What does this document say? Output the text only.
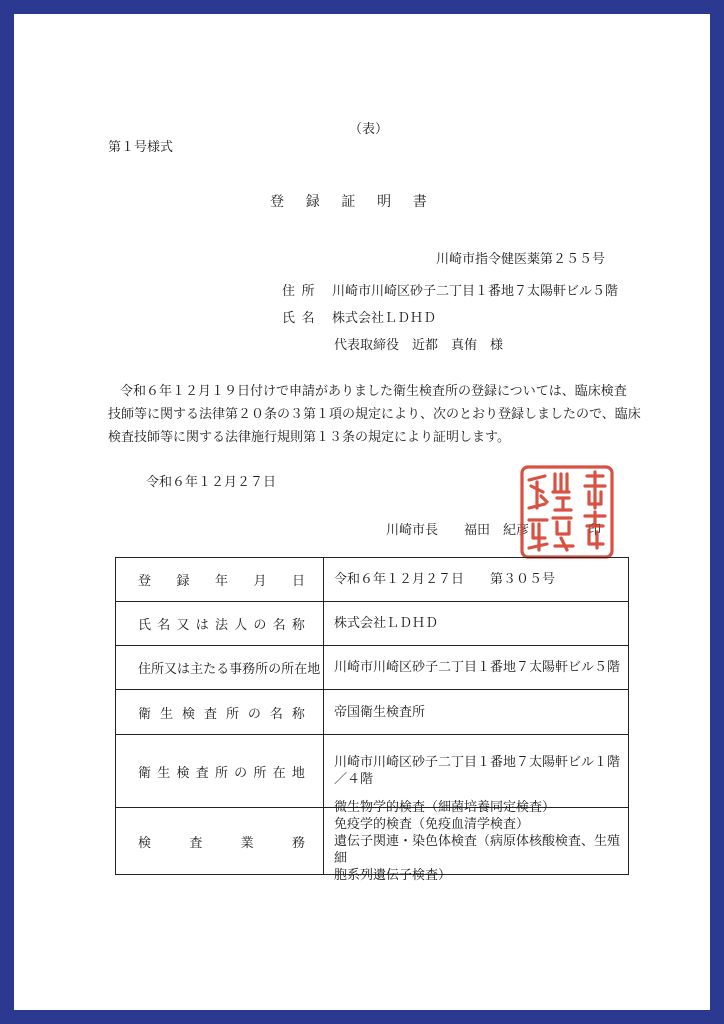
（表）
第１号様式
登録証明書
川崎市指令健医薬第２５５号
住所 川崎市川崎区砂子二丁目１番地７太陽軒ビル５階
氏名 株式会社ＬＤＨＤ
代表取締役　近都　真侑　様
令和６年１２月１９日付けで申請がありました衛生検査所の登録については、臨床検査
技師等に関する法律第２０条の３第１項の規定により、次のとおり登録しましたので、臨床
検査技師等に関する法律施行規則第１３条の規定により証明します。
令和６年１２月２７日
川崎市長　　福田　紀彦	印
登 録 年 月 日 令和６年１２月２７日　　第３０５号
氏 名 又 は 法 人 の 名 称 株式会社ＬＤＨＤ
住 所 又 は 主 た る 事 務 所 の 所 在 地 川崎市川崎区砂子二丁目１番地７太陽軒ビル５階
衛 生 検 査 所 の 名 称 帝国衛生検査所
衛 生 検 査 所 の 所 在 地
川崎市川崎区砂子二丁目１番地７太陽軒ビル１階
／４階
検	査	業	務
微生物学的検査（細菌培養同定検査）
免疫学的検査（免疫血清学検査）
遺伝子関連・染色体検査（病原体核酸検査、生殖細
胞系列遺伝子検査）
